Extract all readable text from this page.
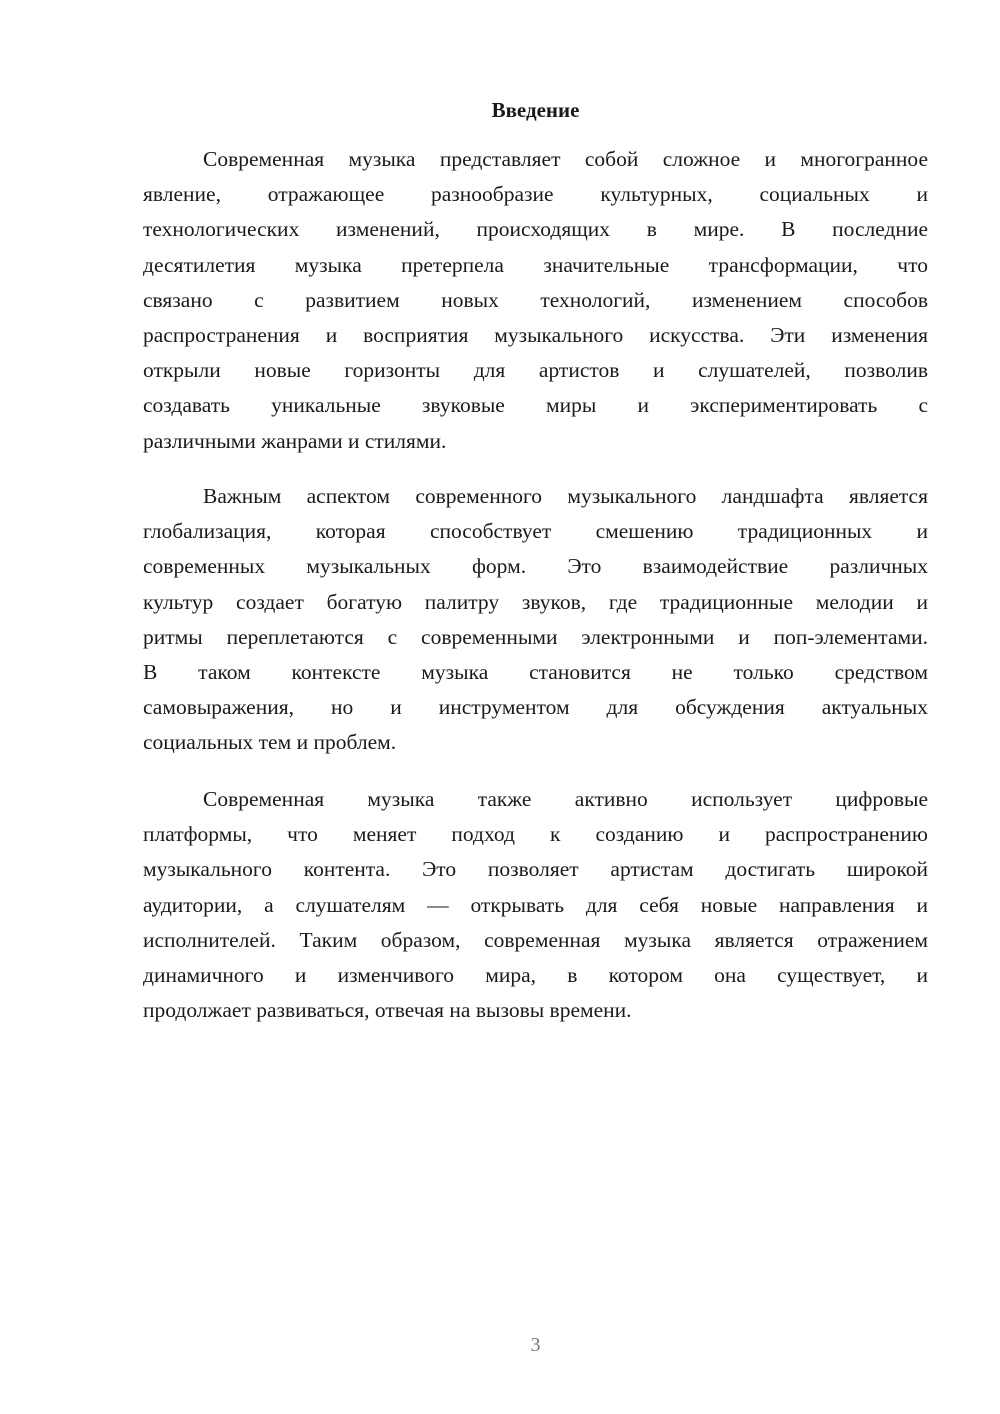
Введение
Современная музыка представляет собой сложное и многогранное
явление, отражающее разнообразие культурных, социальных и
технологических изменений, происходящих в мире. В последние
десятилетия музыка претерпела значительные трансформации, что
связано с развитием новых технологий, изменением способов
распространения и восприятия музыкального искусства. Эти изменения
открыли новые горизонты для артистов и слушателей, позволив
создавать уникальные звуковые миры и экспериментировать с
различными жанрами и стилями.
Важным аспектом современного музыкального ландшафта является
глобализация, которая способствует смешению традиционных и
современных музыкальных форм. Это взаимодействие различных
культур создает богатую палитру звуков, где традиционные мелодии и
ритмы переплетаются с современными электронными и поп-элементами.
В таком контексте музыка становится не только средством
самовыражения, но и инструментом для обсуждения актуальных
социальных тем и проблем.
Современная музыка также активно использует цифровые
платформы, что меняет подход к созданию и распространению
музыкального контента. Это позволяет артистам достигать широкой
аудитории, а слушателям — открывать для себя новые направления и
исполнителей. Таким образом, современная музыка является отражением
динамичного и изменчивого мира, в котором она существует, и
продолжает развиваться, отвечая на вызовы времени.
3
